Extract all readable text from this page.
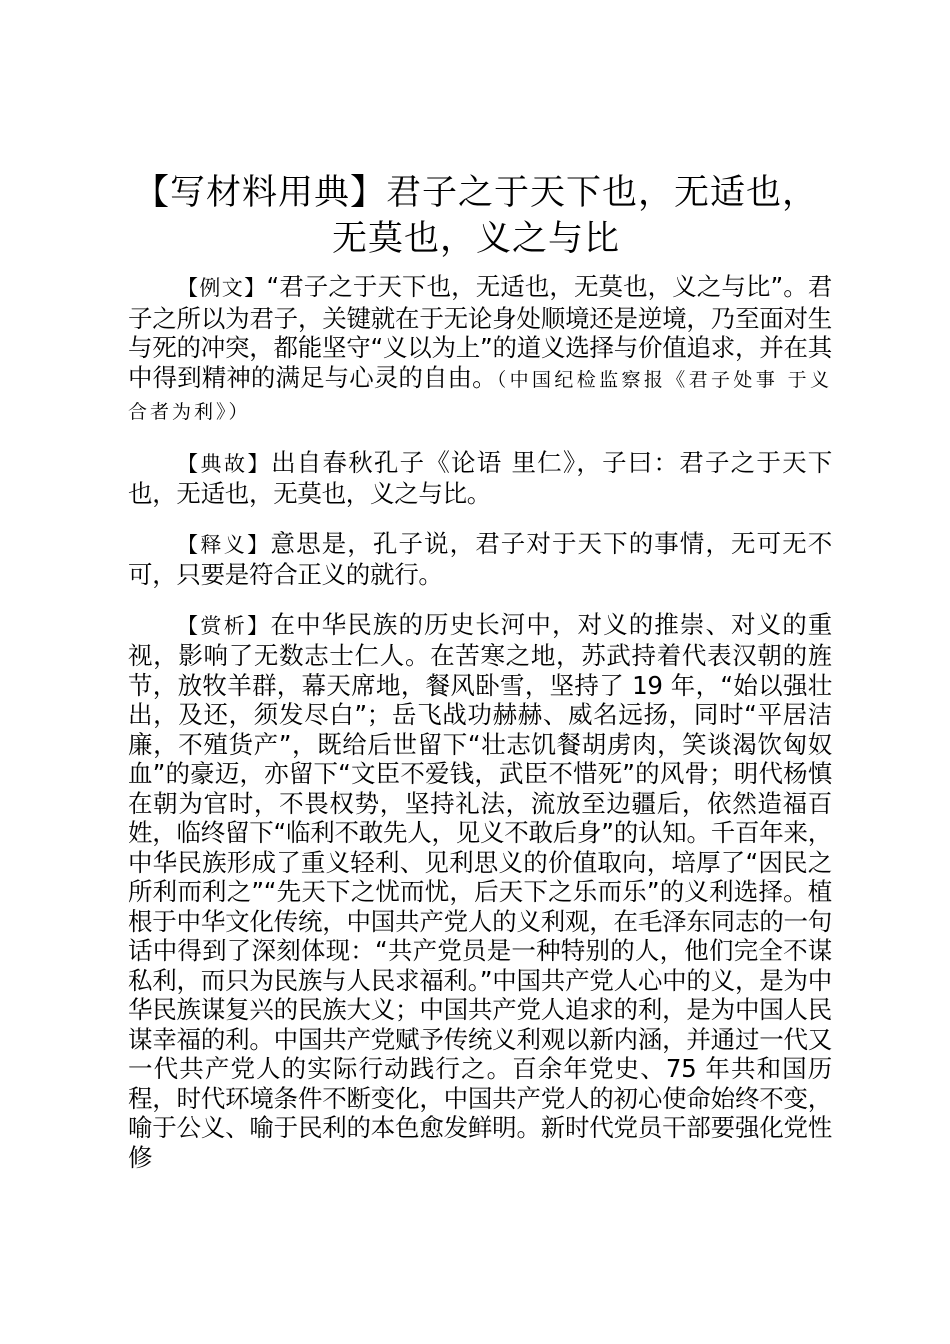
【写材料用典】君子之于天下也，无适也，无莫也，义之与比

【例文】“君子之于天下也，无适也，无莫也，义之与比”。君子之所以为君子，关键就在于无论身处顺境还是逆境，乃至面对生与死的冲突，都能坚守“义以为上”的道义选择与价值追求，并在其中得到精神的满足与心灵的自由。（中国纪检监察报《君子处事 于义合者为利》）

【典故】出自春秋孔子《论语 里仁》，子曰：君子之于天下也，无适也，无莫也，义之与比。

【释义】意思是，孔子说，君子对于天下的事情，无可无不可，只要是符合正义的就行。

【赏析】在中华民族的历史长河中，对义的推崇、对义的重视，影响了无数志士仁人。在苦寒之地，苏武持着代表汉朝的旌节，放牧羊群，幕天席地，餐风卧雪，坚持了 19 年，“始以强壮出，及还，须发尽白”；岳飞战功赫赫、威名远扬，同时“平居洁廉，不殖货产”，既给后世留下“壮志饥餐胡虏肉，笑谈渴饮匈奴血”的豪迈，亦留下“文臣不爱钱，武臣不惜死”的风骨；明代杨慎在朝为官时，不畏权势，坚持礼法，流放至边疆后，依然造福百姓，临终留下“临利不敢先人，见义不敢后身”的认知。千百年来，中华民族形成了重义轻利、见利思义的价值取向，培厚了“因民之所利而利之”“先天下之忧而忧，后天下之乐而乐”的义利选择。植根于中华文化传统，中国共产党人的义利观，在毛泽东同志的一句话中得到了深刻体现：“共产党员是一种特别的人，他们完全不谋私利，而只为民族与人民求福利。”中国共产党人心中的义，是为中华民族谋复兴的民族大义；中国共产党人追求的利，是为中国人民谋幸福的利。中国共产党赋予传统义利观以新内涵，并通过一代又一代共产党人的实际行动践行之。百余年党史、75 年共和国历程，时代环境条件不断变化，中国共产党人的初心使命始终不变，喻于公义、喻于民利的本色愈发鲜明。新时代党员干部要强化党性修
